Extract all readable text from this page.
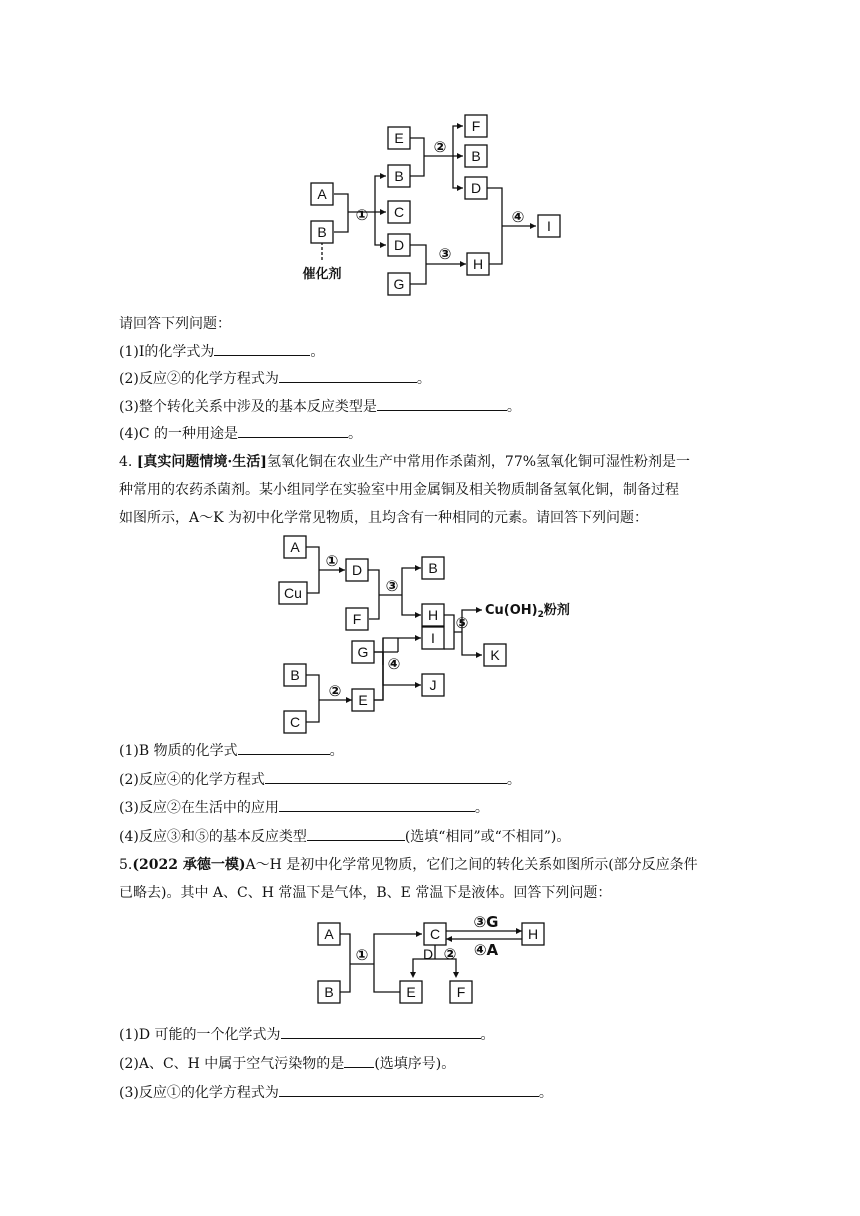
A
B
B
C
D
E
G
F
B
D
H
I
①
②
③
④
催化剂
请回答下列问题：
(1)I的化学式为	。
(2)反应②的化学方程式为	。
(3)整个转化关系中涉及的基本反应类型是	。
(4)C 的一种用途是	。
4. [真实问题情境·生活]氢氧化铜在农业生产中常用作杀菌剂，77%氢氧化铜可湿性粉剂是一
种常用的农药杀菌剂。某小组同学在实验室中用金属铜及相关物质制备氢氧化铜，制备过程
如图所示，A～K 为初中化学常见物质，且均含有一种相同的元素。请回答下列问题：
A
Cu
D
F
B
H
G
I
B
C
E
J
K
①
③
⑤
②
④
$Cu(OH)_2$粉剂
(1)B 物质的化学式	。
(2)反应④的化学方程式	。
(3)反应②在生活中的应用	。
(4)反应③和⑤的基本反应类型	(选填“相同”或“不相同”)。
5.(2022 承德一模)A～H 是初中化学常见物质，它们之间的转化关系如图所示(部分反应条件
已略去)。其中 A、C、H 常温下是气体，B、E 常温下是液体。回答下列问题：
A
B
C
E	F
H
①	②
③G
④A
D
(1)D 可能的一个化学式为	。
(2)A、C、H 中属于空气污染物的是 (选填序号)。
(3)反应①的化学方程式为	。
